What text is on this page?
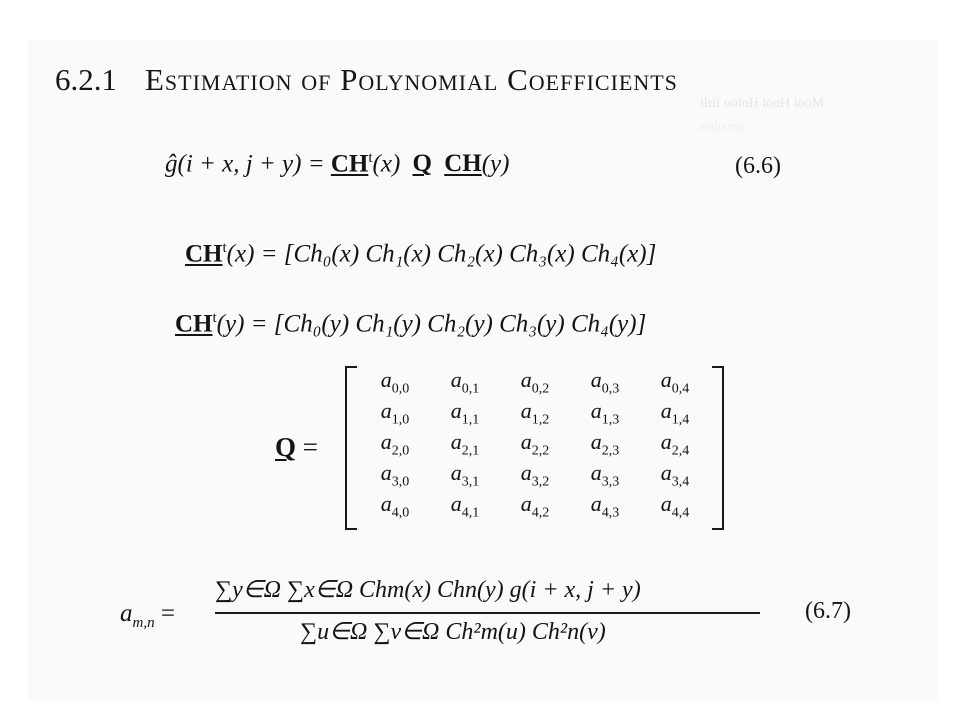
ilrii ooioH looH looM
noitsms
6.2.1 Estimation of Polynomial Coefficients
ĝ(i + x, $j + y) = CH^t(x)$ Q CH(y)	(6.6)
$CH^t(x) = [Ch_0(x)$ Ch₁(x) Ch₂(x) Ch₃(x) Ch₄(x)]
$CH^t(y) = [Ch_0(y)$ Ch₁(y) Ch₂(y) Ch₃(y) Ch₄(y)]
Q =
$a_{0,0}$	$a_{0,1}$	$a_{0,2}$	$a_{0,3}$	$a_{0,4}$
$a_{1,0}$	$a_{1,1}$	$a_{1,2}$	$a_{1,3}$	$a_{1,4}$
$a_{2,0}$	$a_{2,1}$	$a_{2,2}$	$a_{2,3}$	$a_{2,4}$
$a_{3,0}$	$a_{3,1}$	$a_{3,2}$	$a_{3,3}$	$a_{3,4}$
$a_{4,0}$	$a_{4,1}$	$a_{4,2}$	$a_{4,3}$	$a_{4,4}$
$a_{m,n}$ =
∑y∈Ω ∑x∈Ω Chm(x) Chn(y) g(i + x, j + y)
∑u∈Ω ∑v∈Ω Ch²m(u) Ch²n(v)
(6.7)
